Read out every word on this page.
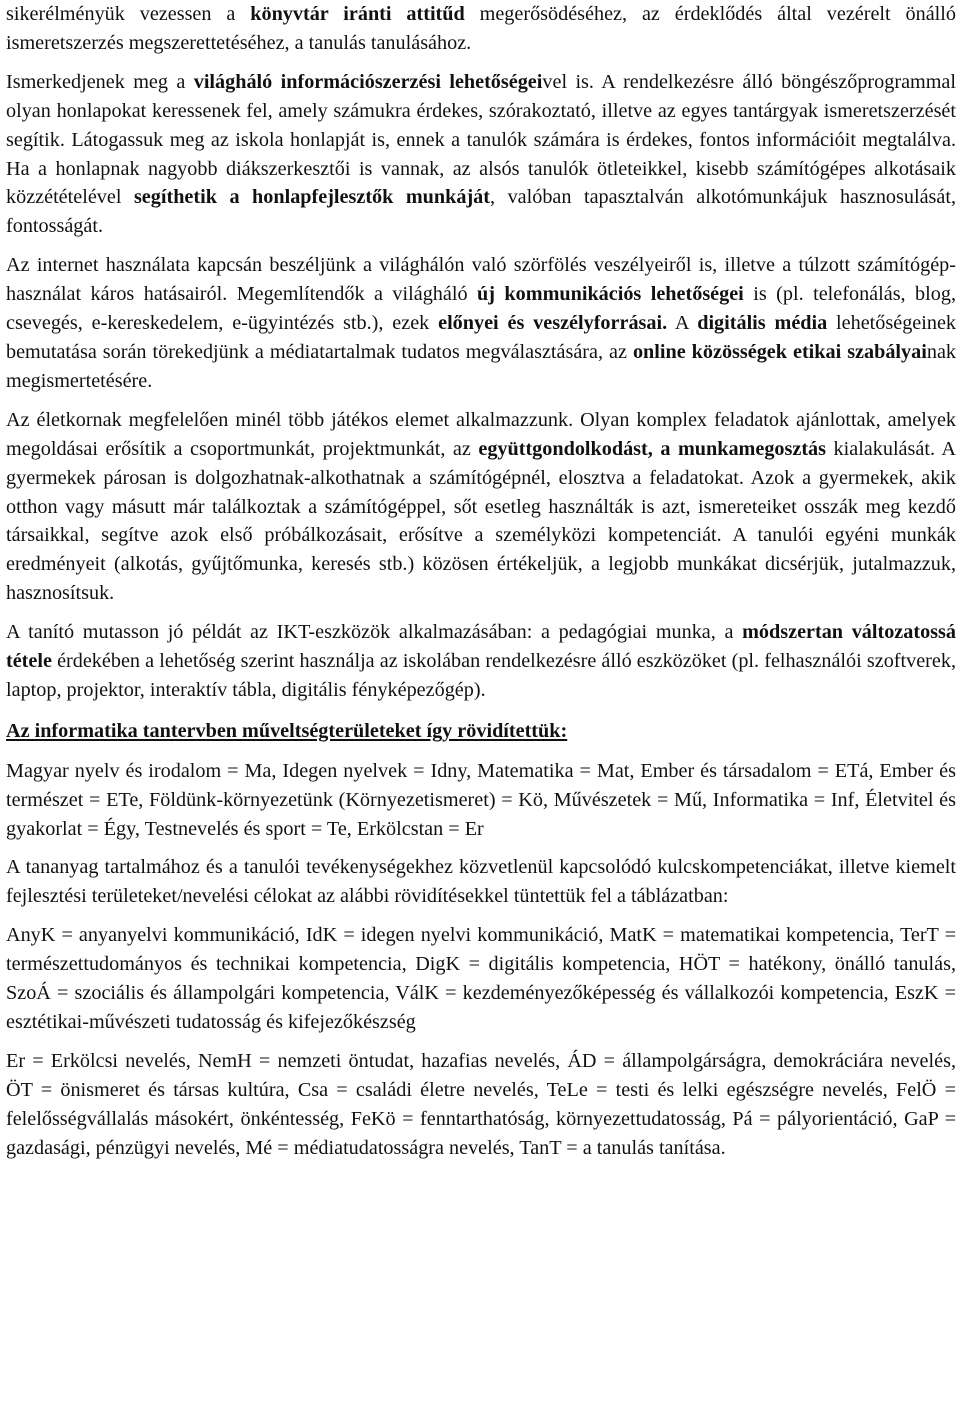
sikerélményük vezessen a könyvtár iránti attitűd megerősödéséhez, az érdeklődés által vezérelt önálló ismeretszerzés megszerettetéséhez, a tanulás tanulásához.

Ismerkedjenek meg a világháló információszerzési lehetőségeivel is. A rendelkezésre álló böngészőprogrammal olyan honlapokat keressenek fel, amely számukra érdekes, szórakoztató, illetve az egyes tantárgyak ismeretszerzését segítik. Látogassuk meg az iskola honlapját is, ennek a tanulók számára is érdekes, fontos információit megtalálva. Ha a honlapnak nagyobb diákszerkesztői is vannak, az alsós tanulók ötleteikkel, kisebb számítógépes alkotásaik közzétételével segíthetik a honlapfejlesztők munkáját, valóban tapasztalván alkotómunkájuk hasznosulását, fontosságát.

Az internet használata kapcsán beszéljünk a világhálón való szörfölés veszélyeiről is, illetve a túlzott számítógép-használat káros hatásairól. Megemlítendők a világháló új kommunikációs lehetőségei is (pl. telefonálás, blog, csevegés, e-kereskedelem, e-ügyintézés stb.), ezek előnyei és veszélyforrásai. A digitális média lehetőségeinek bemutatása során törekedjünk a médiatartalmak tudatos megválasztására, az online közösségek etikai szabályainak megismertetésére.

Az életkornak megfelelően minél több játékos elemet alkalmazzunk. Olyan komplex feladatok ajánlottak, amelyek megoldásai erősítik a csoportmunkát, projektmunkát, az együttgondolkodást, a munkamegosztás kialakulását. A gyermekek párosan is dolgozhatnak-alkothatnak a számítógépnél, elosztva a feladatokat. Azok a gyermekek, akik otthon vagy másutt már találkoztak a számítógéppel, sőt esetleg használták is azt, ismereteiket osszák meg kezdő társaikkal, segítve azok első próbálkozásait, erősítve a személyközi kompetenciát. A tanulói egyéni munkák eredményeit (alkotás, gyűjtőmunka, keresés stb.) közösen értékeljük, a legjobb munkákat dicsérjük, jutalmazzuk, hasznosítsuk.

A tanító mutasson jó példát az IKT-eszközök alkalmazásában: a pedagógiai munka, a módszertan változatossá tétele érdekében a lehetőség szerint használja az iskolában rendelkezésre álló eszközöket (pl. felhasználói szoftverek, laptop, projektor, interaktív tábla, digitális fényképezőgép).

Az informatika tantervben műveltségterületeket így rövidítettük:

Magyar nyelv és irodalom = Ma, Idegen nyelvek = Idny, Matematika = Mat, Ember és társadalom = ETá, Ember és természet = ETe, Földünk-környezetünk (Környezetismeret) = Kö, Művészetek = Mű, Informatika = Inf, Életvitel és gyakorlat = Égy, Testnevelés és sport = Te, Erkölcstan = Er

A tananyag tartalmához és a tanulói tevékenységekhez közvetlenül kapcsolódó kulcskompetenciákat, illetve kiemelt fejlesztési területeket/nevelési célokat az alábbi rövidítésekkel tüntettük fel a táblázatban:

AnyK = anyanyelvi kommunikáció, IdK = idegen nyelvi kommunikáció, MatK = matematikai kompetencia, TerT = természettudományos és technikai kompetencia, DigK = digitális kompetencia, HÖT = hatékony, önálló tanulás, SzoÁ = szociális és állampolgári kompetencia, VálK = kezdeményezőképesség és vállalkozói kompetencia, EszK = esztétikai-művészeti tudatosság és kifejezőkészség

Er = Erkölcsi nevelés, NemH = nemzeti öntudat, hazafias nevelés, ÁD = állampolgárságra, demokráciára nevelés, ÖT = önismeret és társas kultúra, Csa = családi életre nevelés, TeLe = testi és lelki egészségre nevelés, FelÖ = felelősségvállalás másokért, önkéntesség, FeKö = fenntarthatóság, környezettudatosság, Pá = pályorientáció, GaP = gazdasági, pénzügyi nevelés, Mé = médiatudatosságra nevelés, TanT = a tanulás tanítása.
